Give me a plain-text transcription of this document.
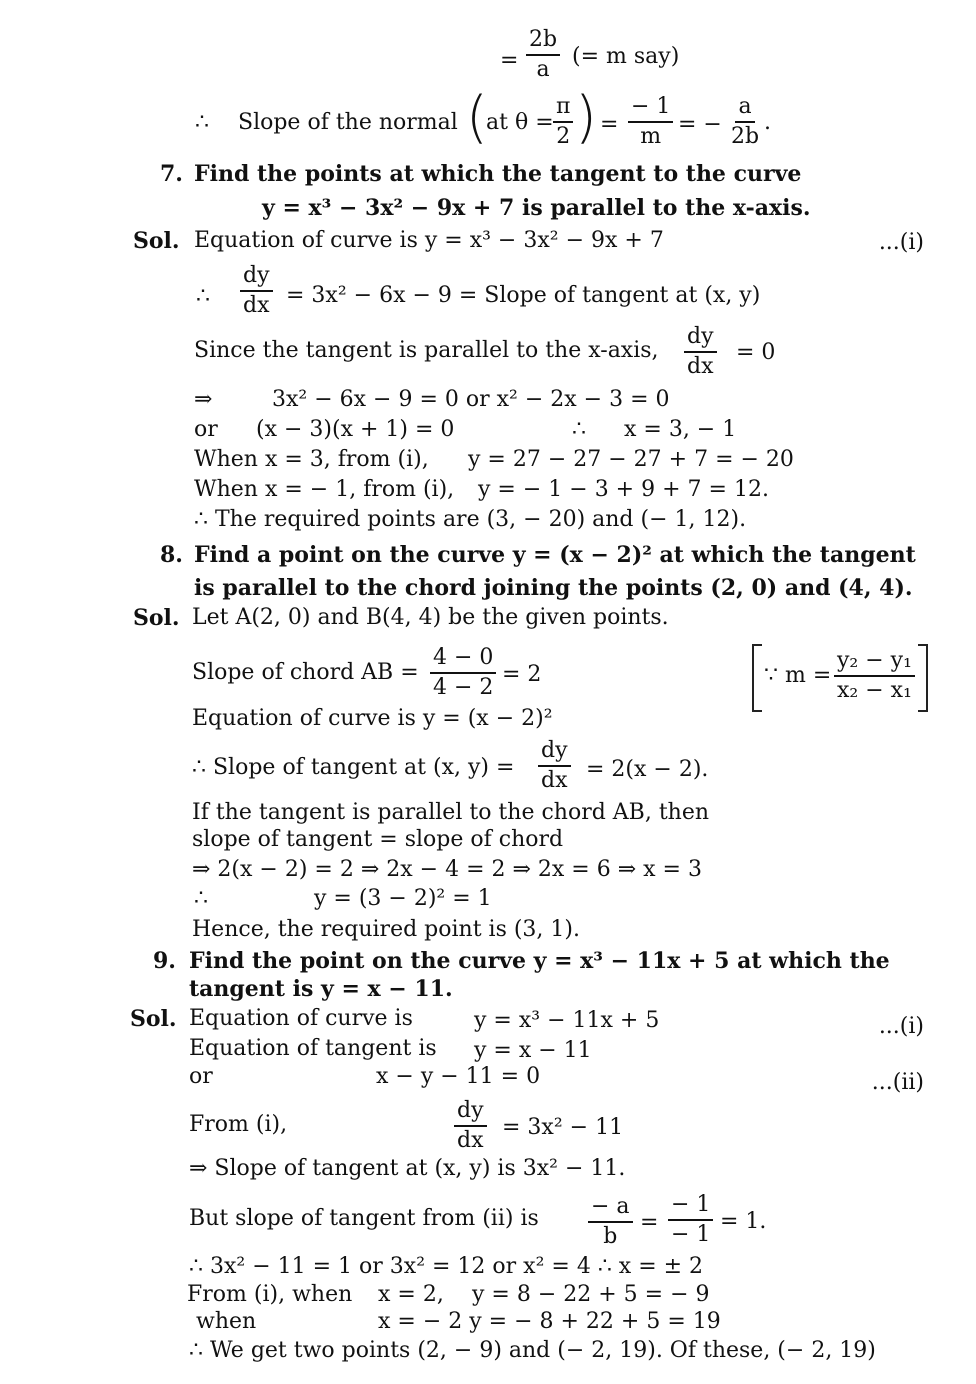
= $\frac{2b}{a}$ (= m say)
∴ Slope of the normal (
at $\theta = \frac{\pi}{2}$ ) = $\frac{- 1}{m}$ = − $\frac{a}{2b}$ .
7. Find the points at which the tangent to the curve
y = x³ − 3x² − 9x + 7 is parallel to the x-axis.
Sol. Equation of curve is y = x³ − 3x² − 9x + 7	...(i)
∴ $\frac{dy}{dx} = 3x^2 - 6x - 9$ = Slope of tangent at (x, y)
Since the tangent is parallel to the x-axis, $\frac{dy}{dx} = 0$
⇒	3x² − 6x − 9 = 0 or x² − 2x − 3 = 0
or (x − 3)(x + 1) = 0	∴ x = 3, − 1
When x = 3, from (i), y = 27 − 27 − 27 + 7 = − 20
When x = − 1, from (i), y = − 1 − 3 + 9 + 7 = 12.
∴ The required points are (3, − 20) and (− 1, 12).
8. Find a point on the curve y = (x − 2)² at which the tangent
is parallel to the chord joining the points (2, 0) and (4, 4).
Sol. Let A(2, 0) and B(4, 4) be the given points.
Slope of chord AB = $\frac{4 - 0}{4 - 2} = 2$	∵ $m = \frac{\text{y₂ − y₁}}{\text{x₂ − x₁}}$
Equation of curve is y = (x − 2)²
∴ Slope of tangent at (x, $y) = \frac{dy}{dx} = 2(x - 2)$.
If the tangent is parallel to the chord AB, then
slope of tangent = slope of chord
⇒ 2(x − 2) = 2 ⇒ 2x − 4 = 2 ⇒ 2x = 6 ⇒ x = 3
∴	y = (3 − 2)² = 1
Hence, the required point is (3, 1).
9. Find the point on the curve y = x³ − 11x + 5 at which the
tangent is y = x − 11.
Sol. Equation of curve is	y = x³ − 11x + 5	...(i)
Equation of tangent is y = x − 11
or	x − y − 11 = 0	...(ii)
From (i),	$\frac{dy}{dx} = 3x^2 - 11$
⇒ Slope of tangent at (x, y) is 3x² − 11.
But slope of tangent from (ii) is $\frac{- a}{b} = \frac{- 1}{- 1} = 1$.
∴ 3x² − 11 = 1 or 3x² = 12 or x² = 4 ∴ x = ± 2
From (i), when x = 2, y = 8 − 22 + 5 = − 9
when	x = − 2 y = − 8 + 22 + 5 = 19
∴ We get two points (2, − 9) and (− 2, 19). Of these, (− 2, 19)
